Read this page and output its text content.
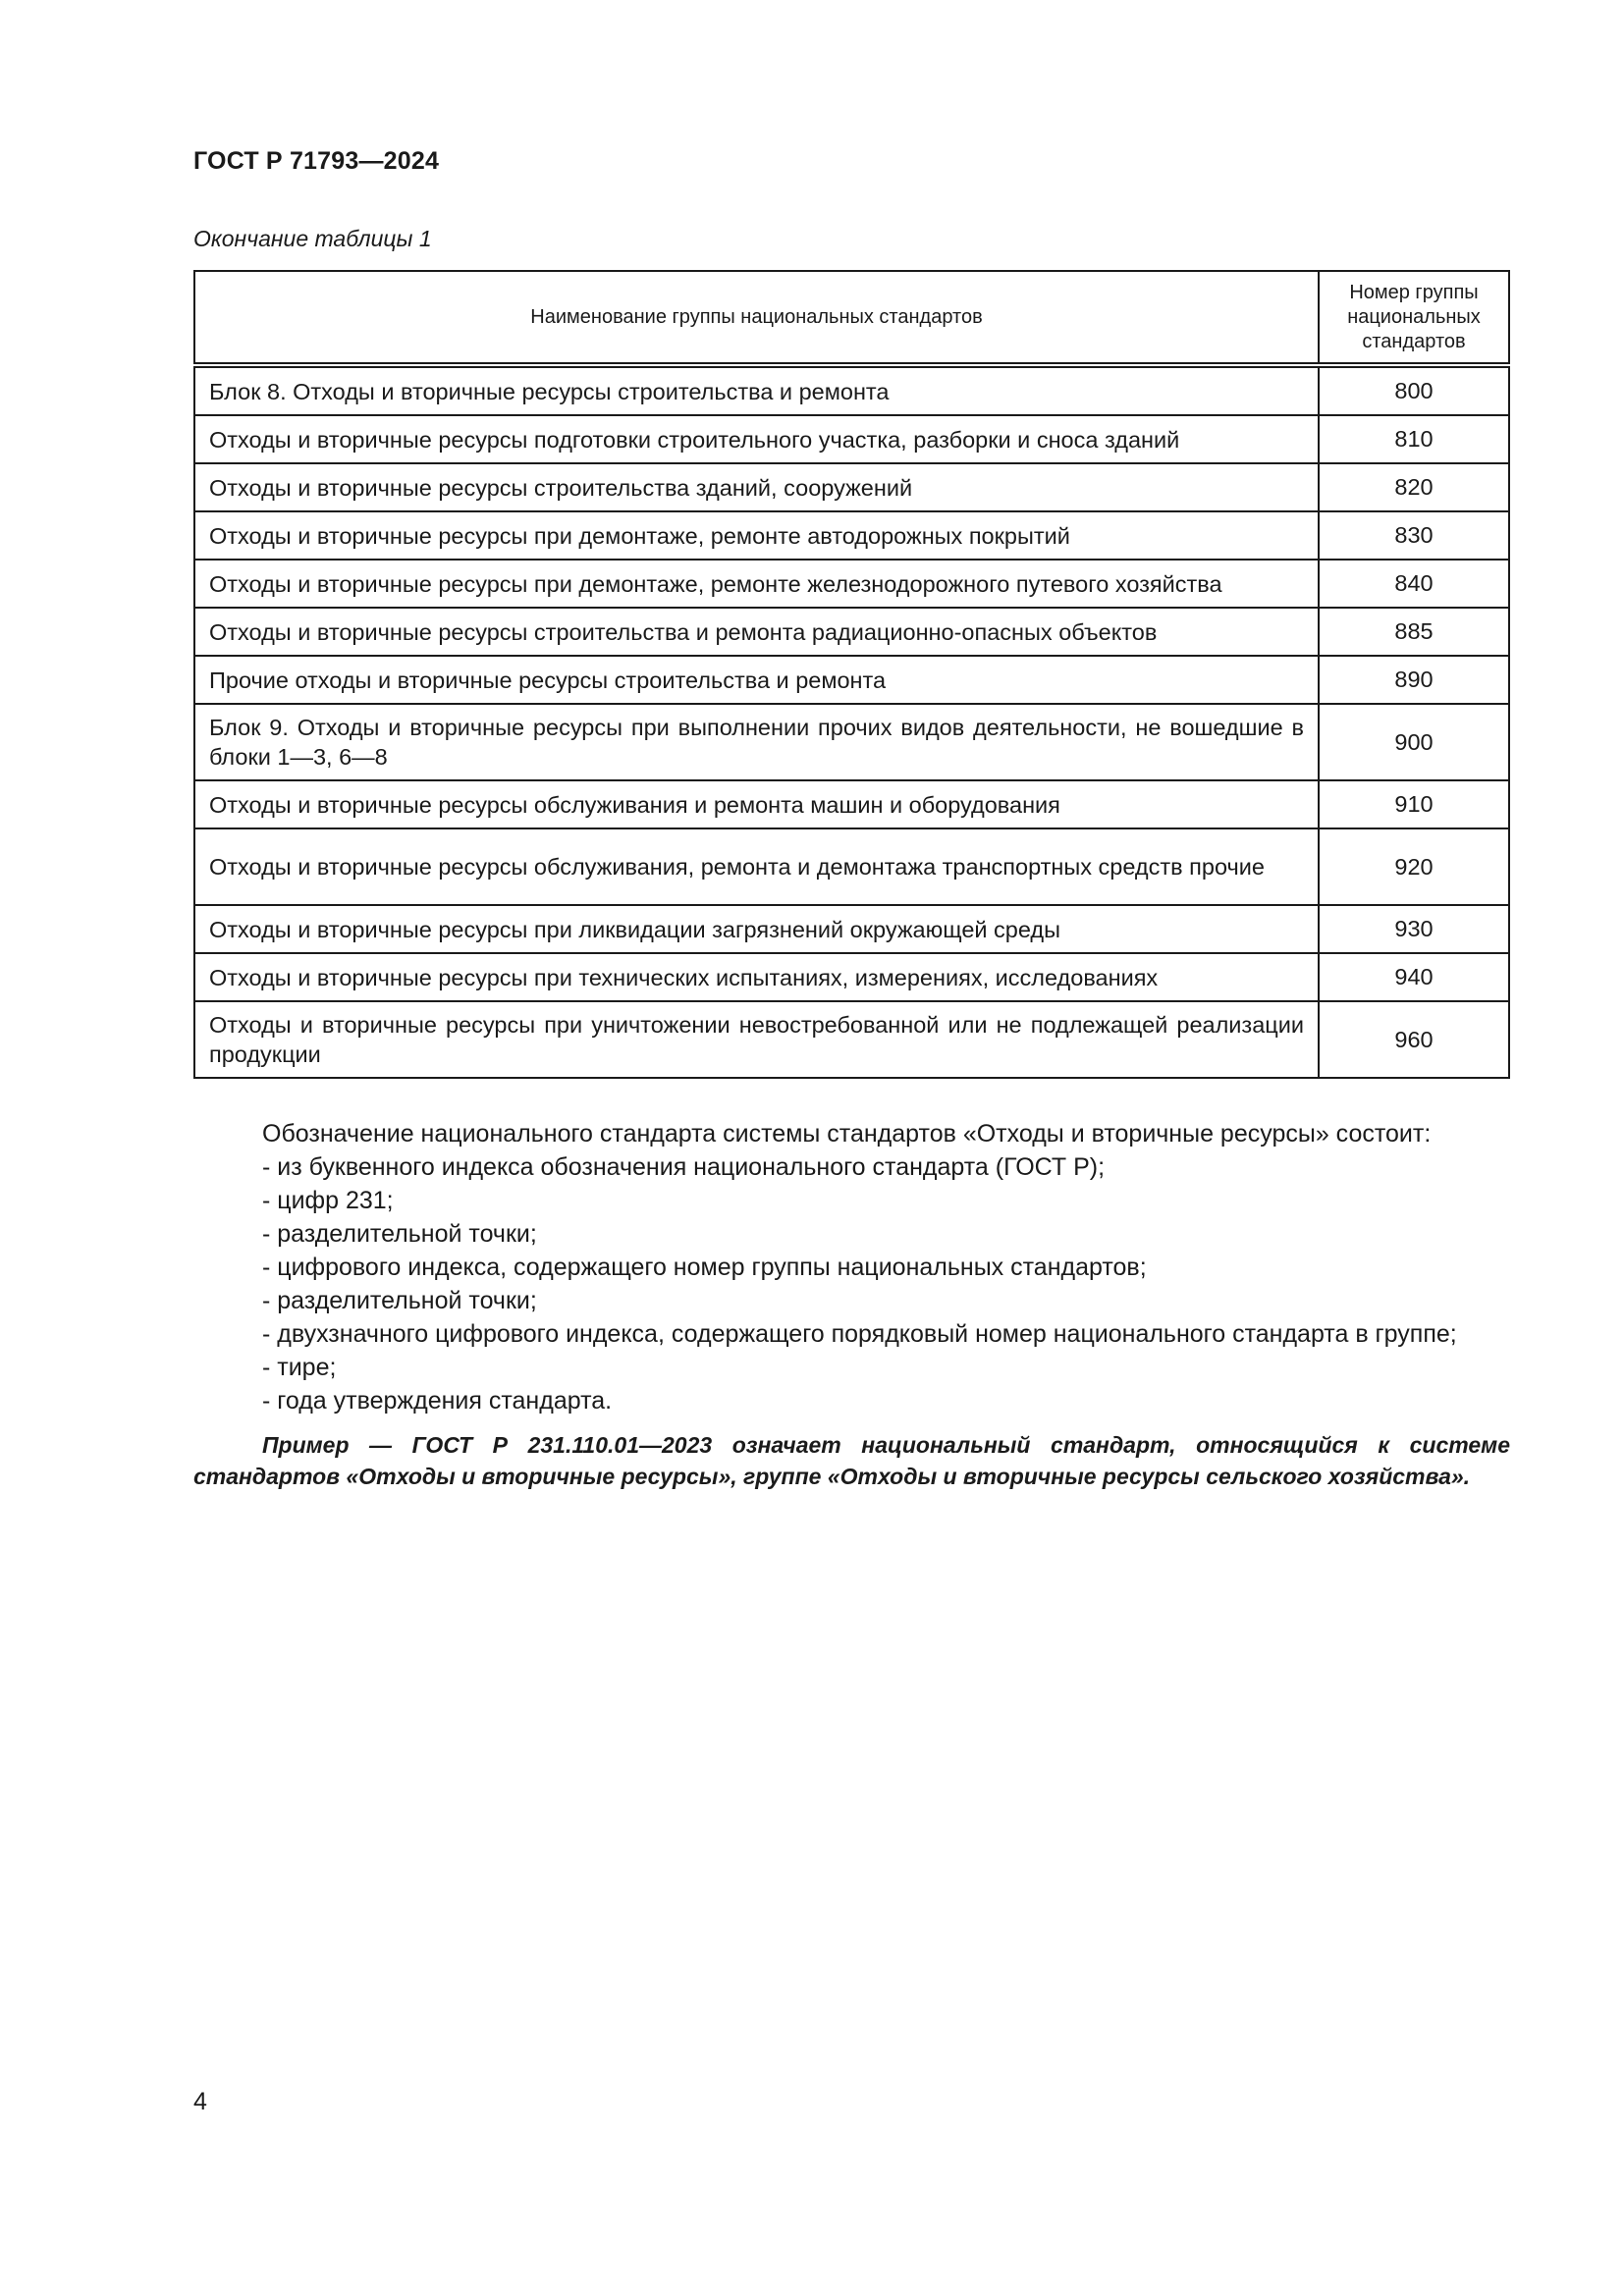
ГОСТ Р 71793—2024
Окончание таблицы 1
Наименование группы национальных стандартов	Номер группы национальных стандартов
Блок 8. Отходы и вторичные ресурсы строительства и ремонта	800
Отходы и вторичные ресурсы подготовки строительного участка, разборки и сноса зданий	810
Отходы и вторичные ресурсы строительства зданий, сооружений	820
Отходы и вторичные ресурсы при демонтаже, ремонте автодорожных покрытий	830
Отходы и вторичные ресурсы при демонтаже, ремонте железнодорожного путевого хозяйства	840
Отходы и вторичные ресурсы строительства и ремонта радиационно-опасных объектов	885
Прочие отходы и вторичные ресурсы строительства и ремонта	890
Блок 9. Отходы и вторичные ресурсы при выполнении прочих видов деятельности, не вошедшие в блоки 1—3, 6—8	900
Отходы и вторичные ресурсы обслуживания и ремонта машин и оборудования	910
Отходы и вторичные ресурсы обслуживания, ремонта и демонтажа транспортных средств прочие	920
Отходы и вторичные ресурсы при ликвидации загрязнений окружающей среды	930
Отходы и вторичные ресурсы при технических испытаниях, измерениях, исследованиях	940
Отходы и вторичные ресурсы при уничтожении невостребованной или не подлежащей реализации продукции	960

Обозначение национального стандарта системы стандартов «Отходы и вторичные ресурсы» состоит:

- из буквенного индекса обозначения национального стандарта (ГОСТ Р);

- цифр 231;

- разделительной точки;

- цифрового индекса, содержащего номер группы национальных стандартов;

- разделительной точки;

- двухзначного цифрового индекса, содержащего порядковый номер национального стандарта в группе;

- тире;

- года утверждения стандарта.

Пример — ГОСТ Р 231.110.01—2023 означает национальный стандарт, относящийся к системе стандартов «Отходы и вторичные ресурсы», группе «Отходы и вторичные ресурсы сельского хозяйства».

4
